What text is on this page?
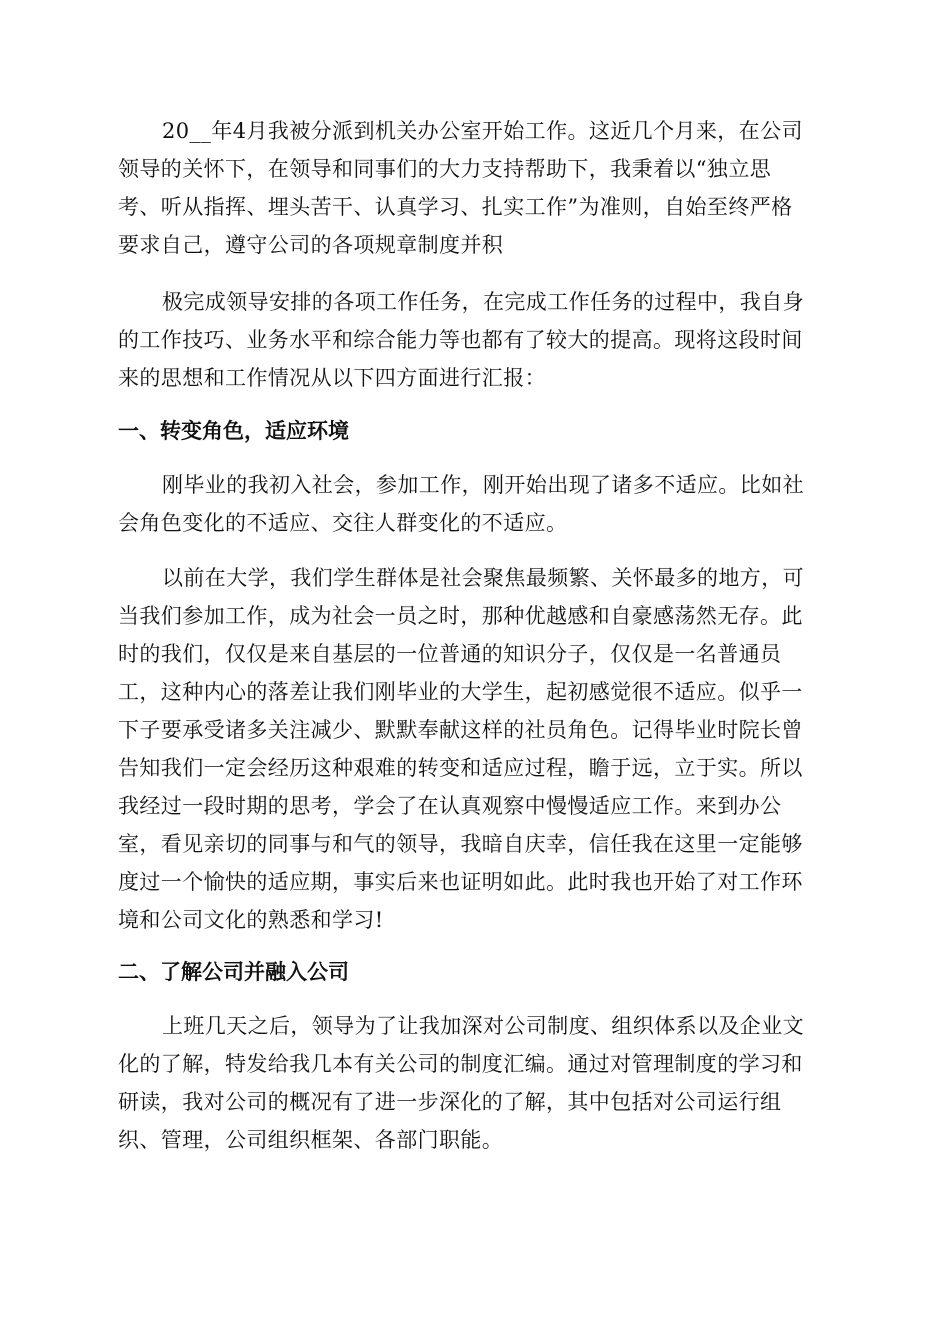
20__年4月我被分派到机关办公室开始工作。这近几个月来，在公司
领导的关怀下，在领导和同事们的大力支持帮助下，我秉着以“独立思
考、听从指挥、埋头苦干、认真学习、扎实工作”为准则，自始至终严格
要求自己，遵守公司的各项规章制度并积
极完成领导安排的各项工作任务，在完成工作任务的过程中，我自身
的工作技巧、业务水平和综合能力等也都有了较大的提高。现将这段时间
来的思想和工作情况从以下四方面进行汇报：
一、转变角色，适应环境
刚毕业的我初入社会，参加工作，刚开始出现了诸多不适应。比如社
会角色变化的不适应、交往人群变化的不适应。
以前在大学，我们学生群体是社会聚焦最频繁、关怀最多的地方，可
当我们参加工作，成为社会一员之时，那种优越感和自豪感荡然无存。此
时的我们，仅仅是来自基层的一位普通的知识分子，仅仅是一名普通员
工，这种内心的落差让我们刚毕业的大学生，起初感觉很不适应。似乎一
下子要承受诸多关注减少、默默奉献这样的社员角色。记得毕业时院长曾
告知我们一定会经历这种艰难的转变和适应过程，瞻于远，立于实。所以
我经过一段时期的思考，学会了在认真观察中慢慢适应工作。来到办公
室，看见亲切的同事与和气的领导，我暗自庆幸，信任我在这里一定能够
度过一个愉快的适应期，事实后来也证明如此。此时我也开始了对工作环
境和公司文化的熟悉和学习!
二、了解公司并融入公司
上班几天之后，领导为了让我加深对公司制度、组织体系以及企业文
化的了解，特发给我几本有关公司的制度汇编。通过对管理制度的学习和
研读，我对公司的概况有了进一步深化的了解，其中包括对公司运行组
织、管理，公司组织框架、各部门职能。
